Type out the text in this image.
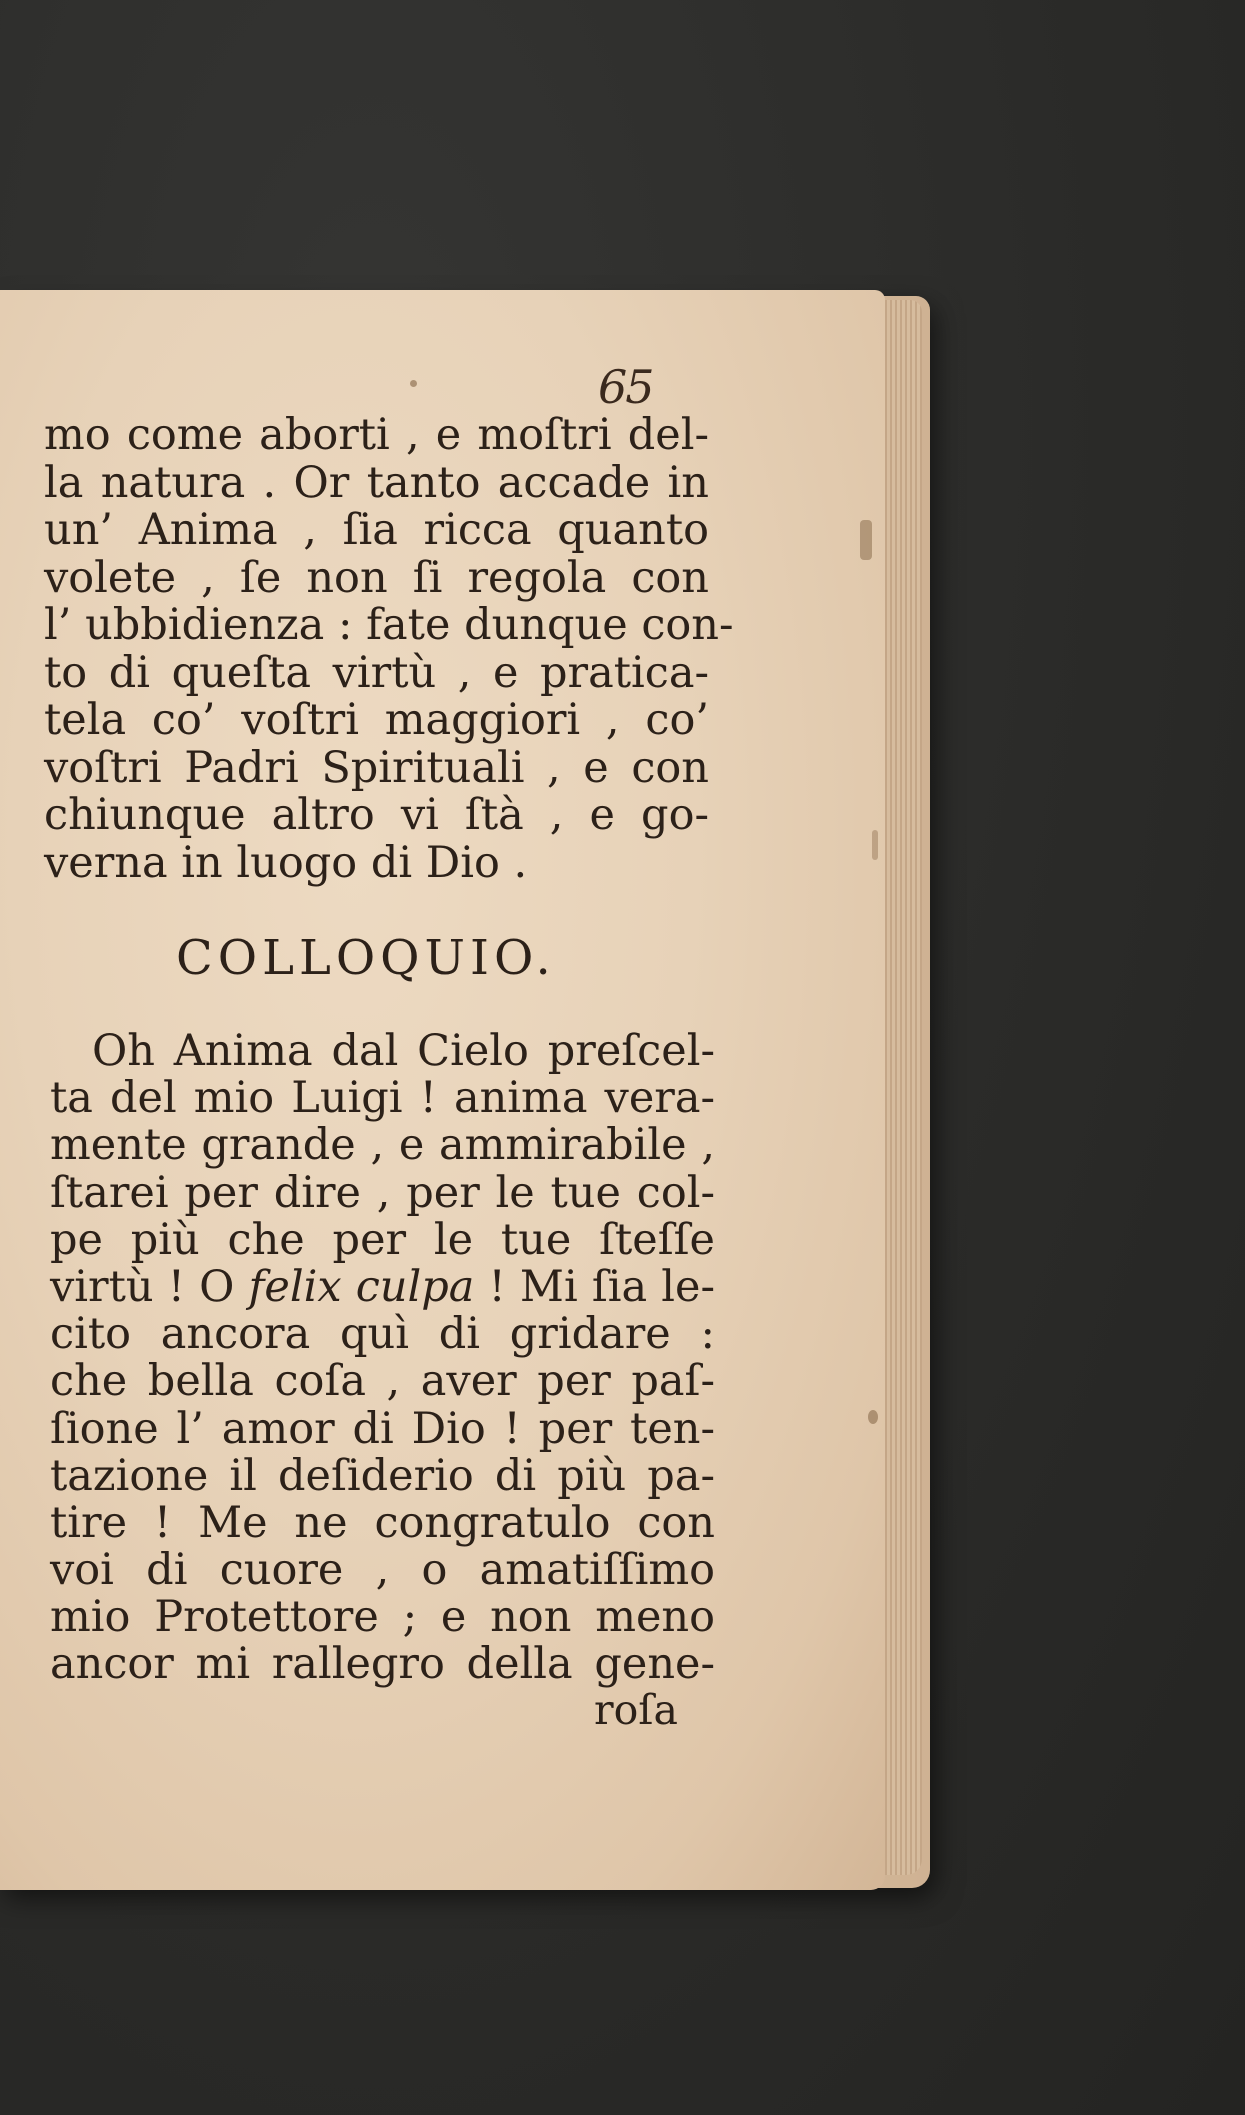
65
mo come aborti , e moſtri del-
la natura . Or tanto accade in
un’ Anima , ſia ricca quanto
volete , ſe non ſi regola con
l’ ubbidienza : fate dunque con-
to di queſta virtù , e pratica-
tela co’ voſtri maggiori , co’
voſtri Padri Spirituali , e con
chiunque altro vi ſtà , e go-
verna in luogo di Dio .
COLLOQUIO.
Oh Anima dal Cielo preſcel-
ta del mio Luigi ! anima vera-
mente grande , e ammirabile ,
ſtarei per dire , per le tue col-
pe più che per le tue ſteſſe
virtù ! O felix culpa ! Mi ſia le-
cito ancora quì di gridare :
che bella coſa , aver per paſ-
ſione l’ amor di Dio ! per ten-
tazione il deſiderio di più pa-
tire ! Me ne congratulo con
voi di cuore , o amatiſſimo
mio Protettore ; e non meno
ancor mi rallegro della gene-
roſa
